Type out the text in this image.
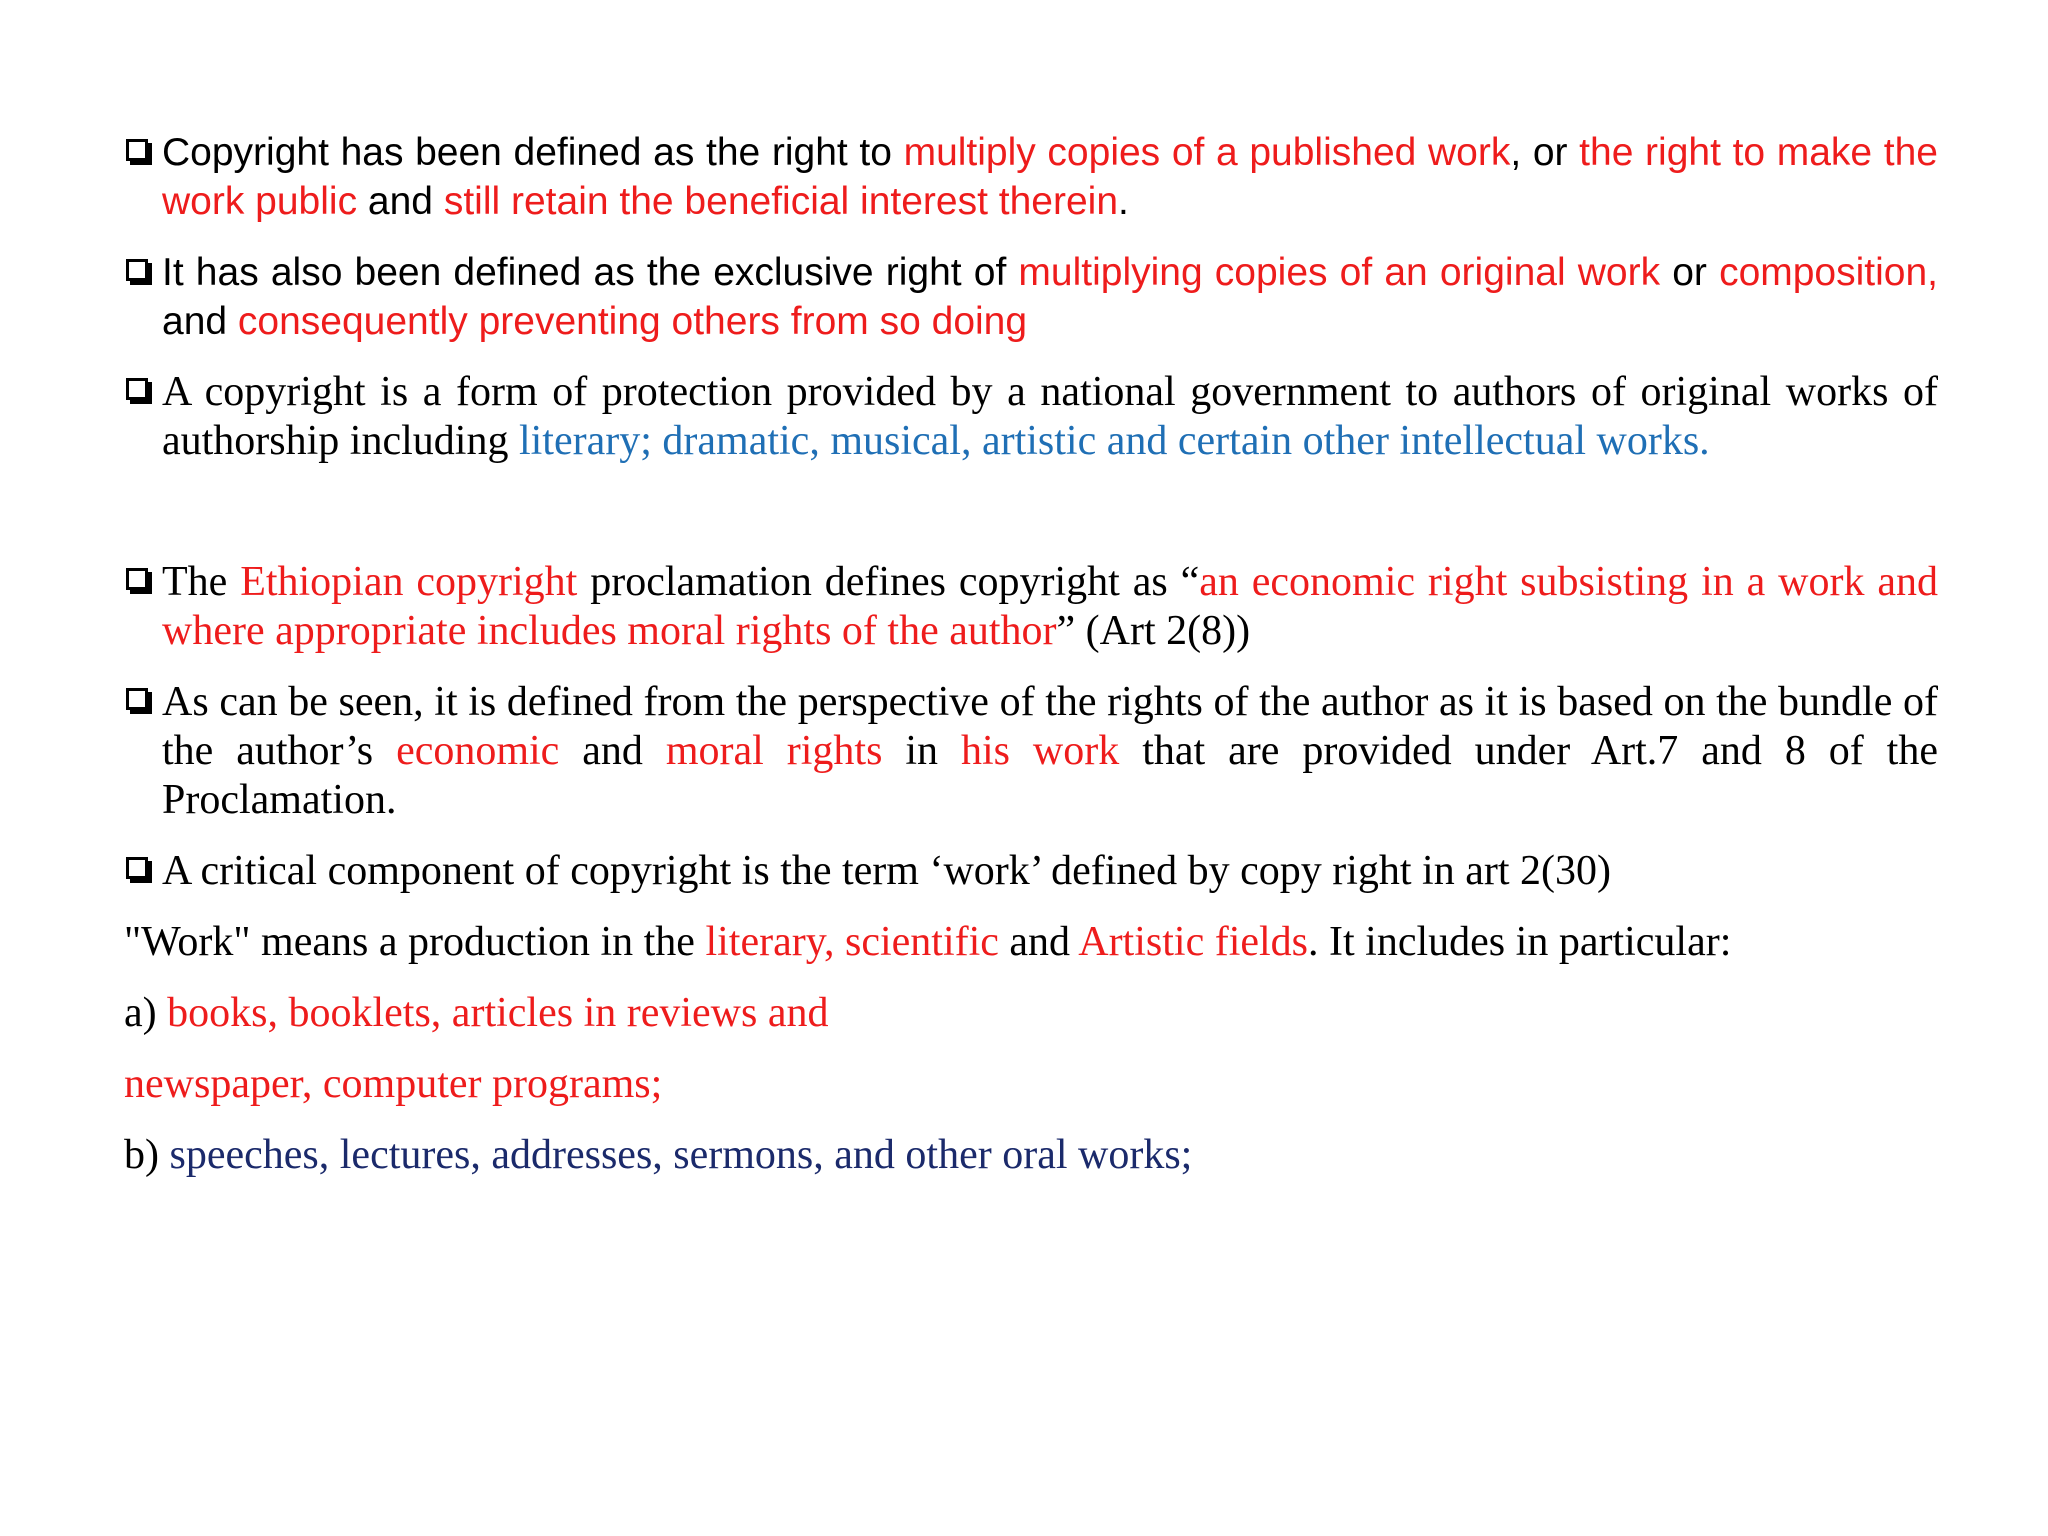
Copyright has been defined as the right to multiply copies of a published work, or the right to make the work public and still retain the beneficial interest therein.
It has also been defined as the exclusive right of multiplying copies of an original work or composition, and consequently preventing others from so doing
A copyright is a form of protection provided by a national government to authors of original works of authorship including literary; dramatic, musical, artistic and certain other intellectual works.
The Ethiopian copyright proclamation defines copyright as “an economic right subsisting in a work and where appropriate includes moral rights of the author” (Art 2(8))
As can be seen, it is defined from the perspective of the rights of the author as it is based on the bundle of the author’s economic and moral rights in his work that are provided under Art.7 and 8 of the Proclamation.
A critical component of copyright is the term ‘work’ defined by copy right in art 2(30)
"Work" means a production in the literary, scientific and Artistic fields. It includes in particular:
a) books, booklets, articles in reviews and
newspaper, computer programs;
b) speeches, lectures, addresses, sermons, and other oral works;
